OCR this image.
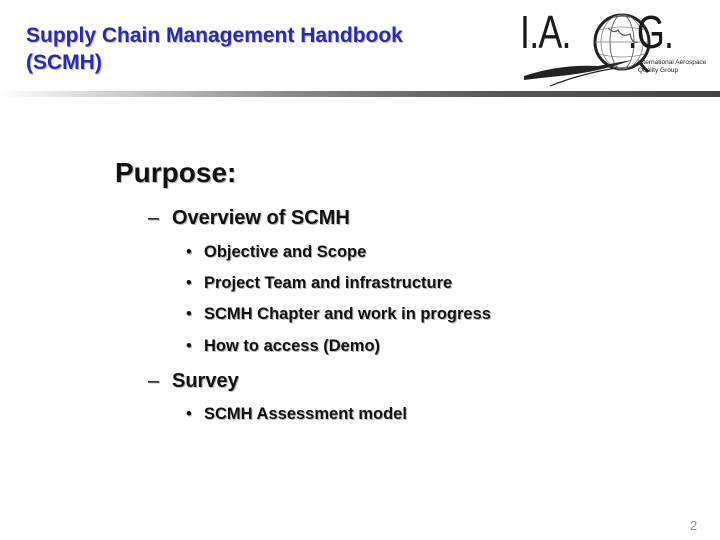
Supply Chain Management Handbook
(SCMH)
I.A. .G.
International Aerospace
Quality Group
Purpose:
– Overview of SCMH
• Objective and Scope
• Project Team and infrastructure
• SCMH Chapter and work in progress
• How to access (Demo)
– Survey
• SCMH Assessment model
2
